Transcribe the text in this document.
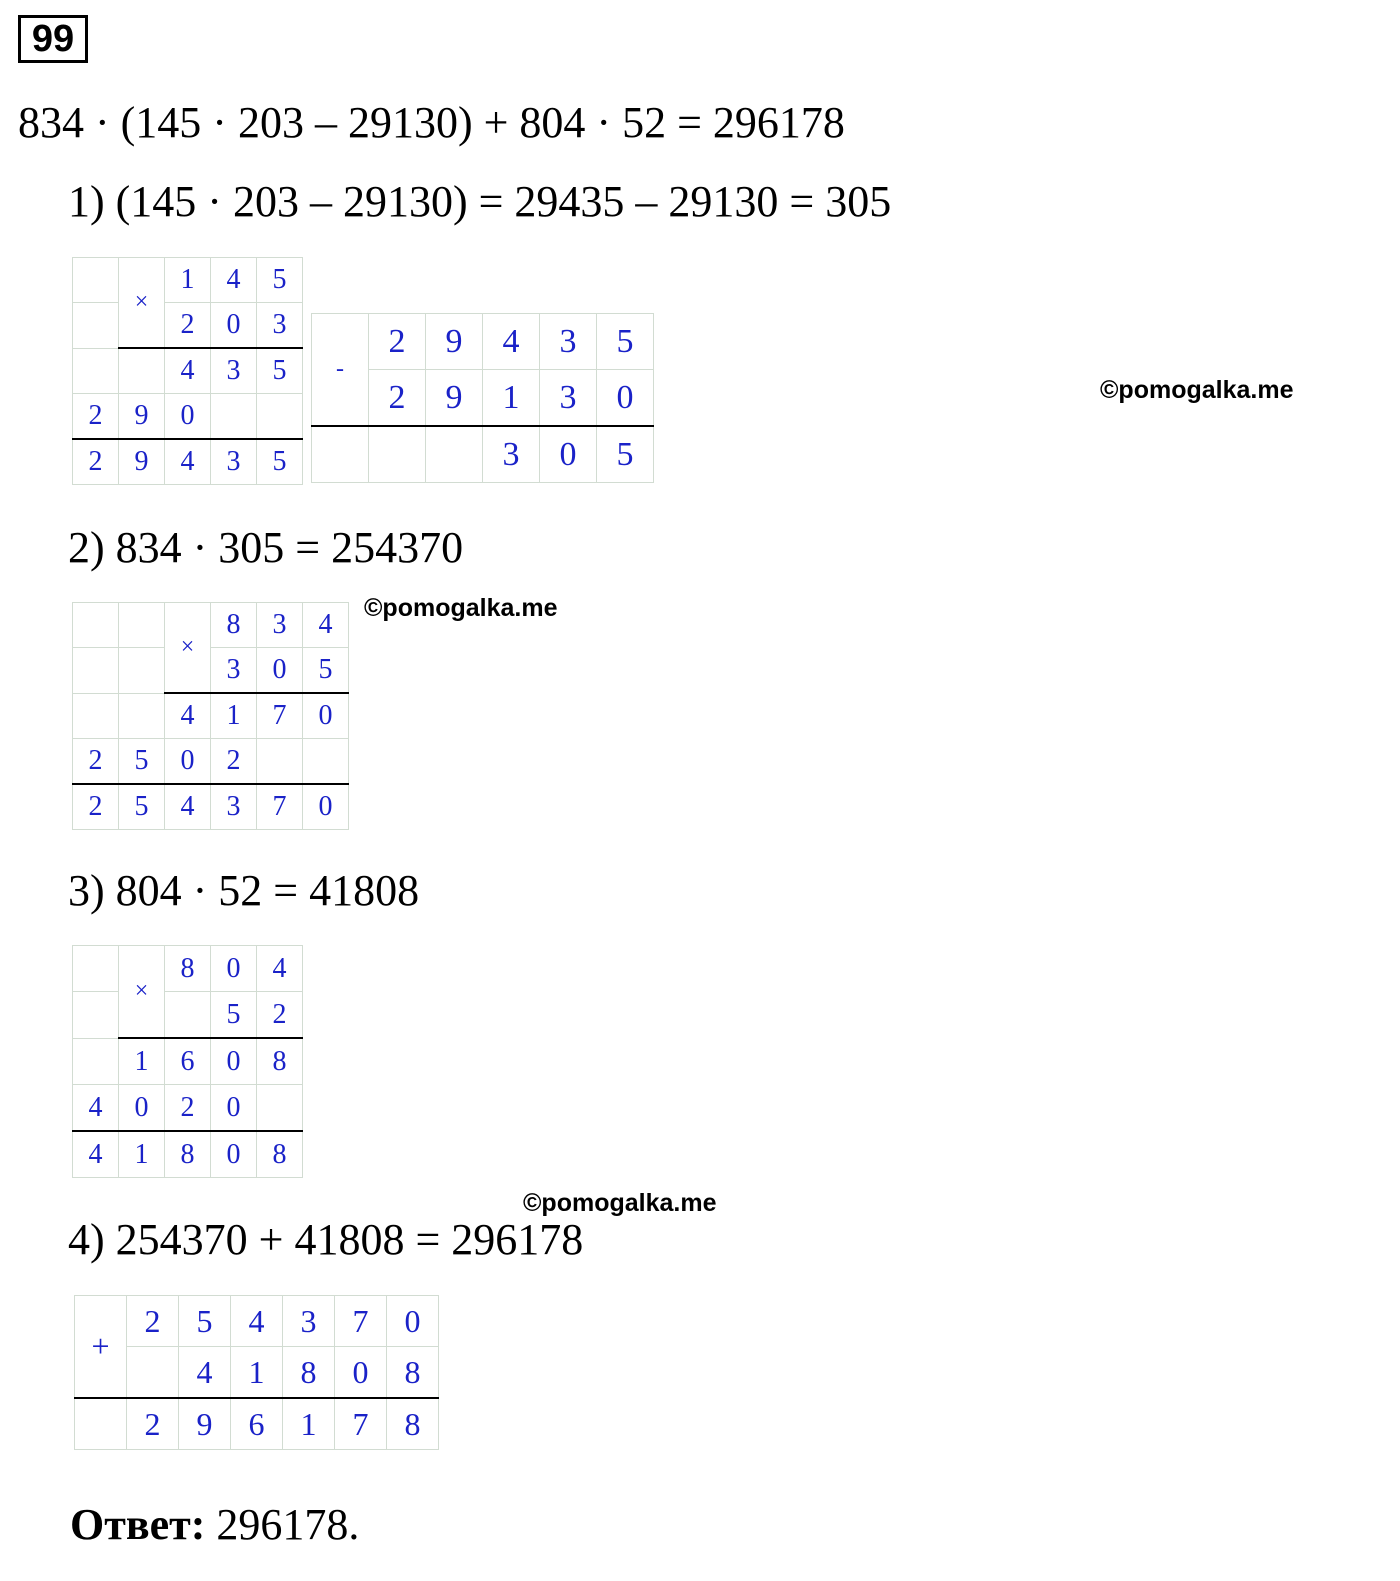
99
834 · (145 · 203 – 29130) + 804 · 52 = 296178
1) (145 · 203 – 29130) = 29435 – 29130 = 305
	×	1	4	5
		2	0	3
		4	3	5
2	9	0		
2	9	4	3	5
-	2	9	4	3	5
	2	9	1	3	0
			3	0	5
©pomogalka.me
2) 834 · 305 = 254370
		×	8	3	4
			3	0	5
		4	1	7	0
2	5	0	2		
2	5	4	3	7	0
©pomogalka.me
3) 804 · 52 = 41808
	×	8	0	4
			5	2
	1	6	0	8
4	0	2	0	
4	1	8	0	8
©pomogalka.me
4) 254370 + 41808 = 296178
+	2	5	4	3	7	0
		4	1	8	0	8
	2	9	6	1	7	8
Ответ: 296178.
